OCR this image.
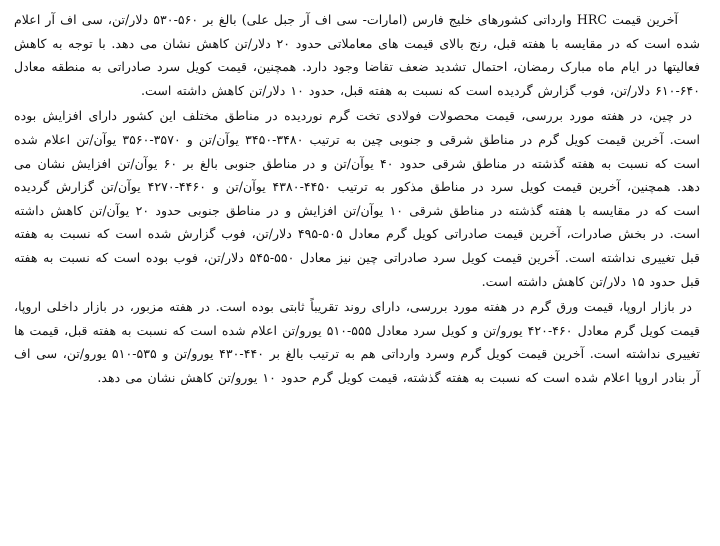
آخرین قیمت HRC وارداتی کشورهای خلیج فارس (امارات- سی اف آر جبل علی) بالغ بر ۵۶۰-۵۳۰ دلار/تن، سی اف آر اعلام شده است که در مقایسه با هفته قبل، رنج بالای قیمت های معاملاتی حدود ۲۰ دلار/تن کاهش نشان می دهد. با توجه به کاهش فعالیتها در ایام ماه مبارک رمضان، احتمال تشدید ضعف تقاضا وجود دارد. همچنین، قیمت کویل سرد صادراتی به منطقه معادل ۶۴۰-۶۱۰ دلار/تن، فوب گزارش گردیده است که نسبت به هفته قبل، حدود ۱۰ دلار/تن کاهش داشته است.

در چین، در هفته مورد بررسی، قیمت محصولات فولادی تخت گرم نوردیده در مناطق مختلف این کشور دارای افزایش بوده است. آخرین قیمت کویل گرم در مناطق شرقی و جنوبی چین به ترتیب ۳۴۸۰-۳۴۵۰ یوآن/تن و ۳۵۷۰-۳۵۶۰ یوآن/تن اعلام شده است که نسبت به هفته گذشته در مناطق شرقی حدود ۴۰ یوآن/تن و در مناطق جنوبی بالغ بر ۶۰ یوآن/تن افزایش نشان می دهد. همچنین، آخرین قیمت کویل سرد در مناطق مذکور به ترتیب ۴۴۵۰-۴۳۸۰ یوآن/تن و ۴۴۶۰-۴۲۷۰ یوآن/تن گزارش گردیده است که در مقایسه با هفته گذشته در مناطق شرقی ۱۰ یوآن/تن افزایش و در مناطق جنوبی حدود ۲۰ یوآن/تن کاهش داشته است. در بخش صادرات، آخرین قیمت صادراتی کویل گرم معادل ۵۰۵-۴۹۵ دلار/تن، فوب گزارش شده است که نسبت به هفته قبل تغییری نداشته است. آخرین قیمت کویل سرد صادراتی چین نیز معادل ۵۵۰-۵۴۵ دلار/تن، فوب بوده است که نسبت به هفته قبل حدود ۱۵ دلار/تن کاهش داشته است.

در بازار اروپا، قیمت ورق گرم در هفته مورد بررسی، دارای روند تقریباً ثابتی بوده است. در هفته مزبور، در بازار داخلی اروپا، قیمت کویل گرم معادل ۴۶۰-۴۲۰ یورو/تن و کویل سرد معادل ۵۵۵-۵۱۰ یورو/تن اعلام شده است که نسبت به هفته قبل، قیمت ها تغییری نداشته است. آخرین قیمت کویل گرم وسرد وارداتی هم به ترتیب بالغ بر ۴۴۰-۴۳۰ یورو/تن و ۵۳۵-۵۱۰ یورو/تن، سی اف آر بنادر اروپا اعلام شده است که نسبت به هفته گذشته، قیمت کویل گرم حدود ۱۰ یورو/تن کاهش نشان می دهد.
